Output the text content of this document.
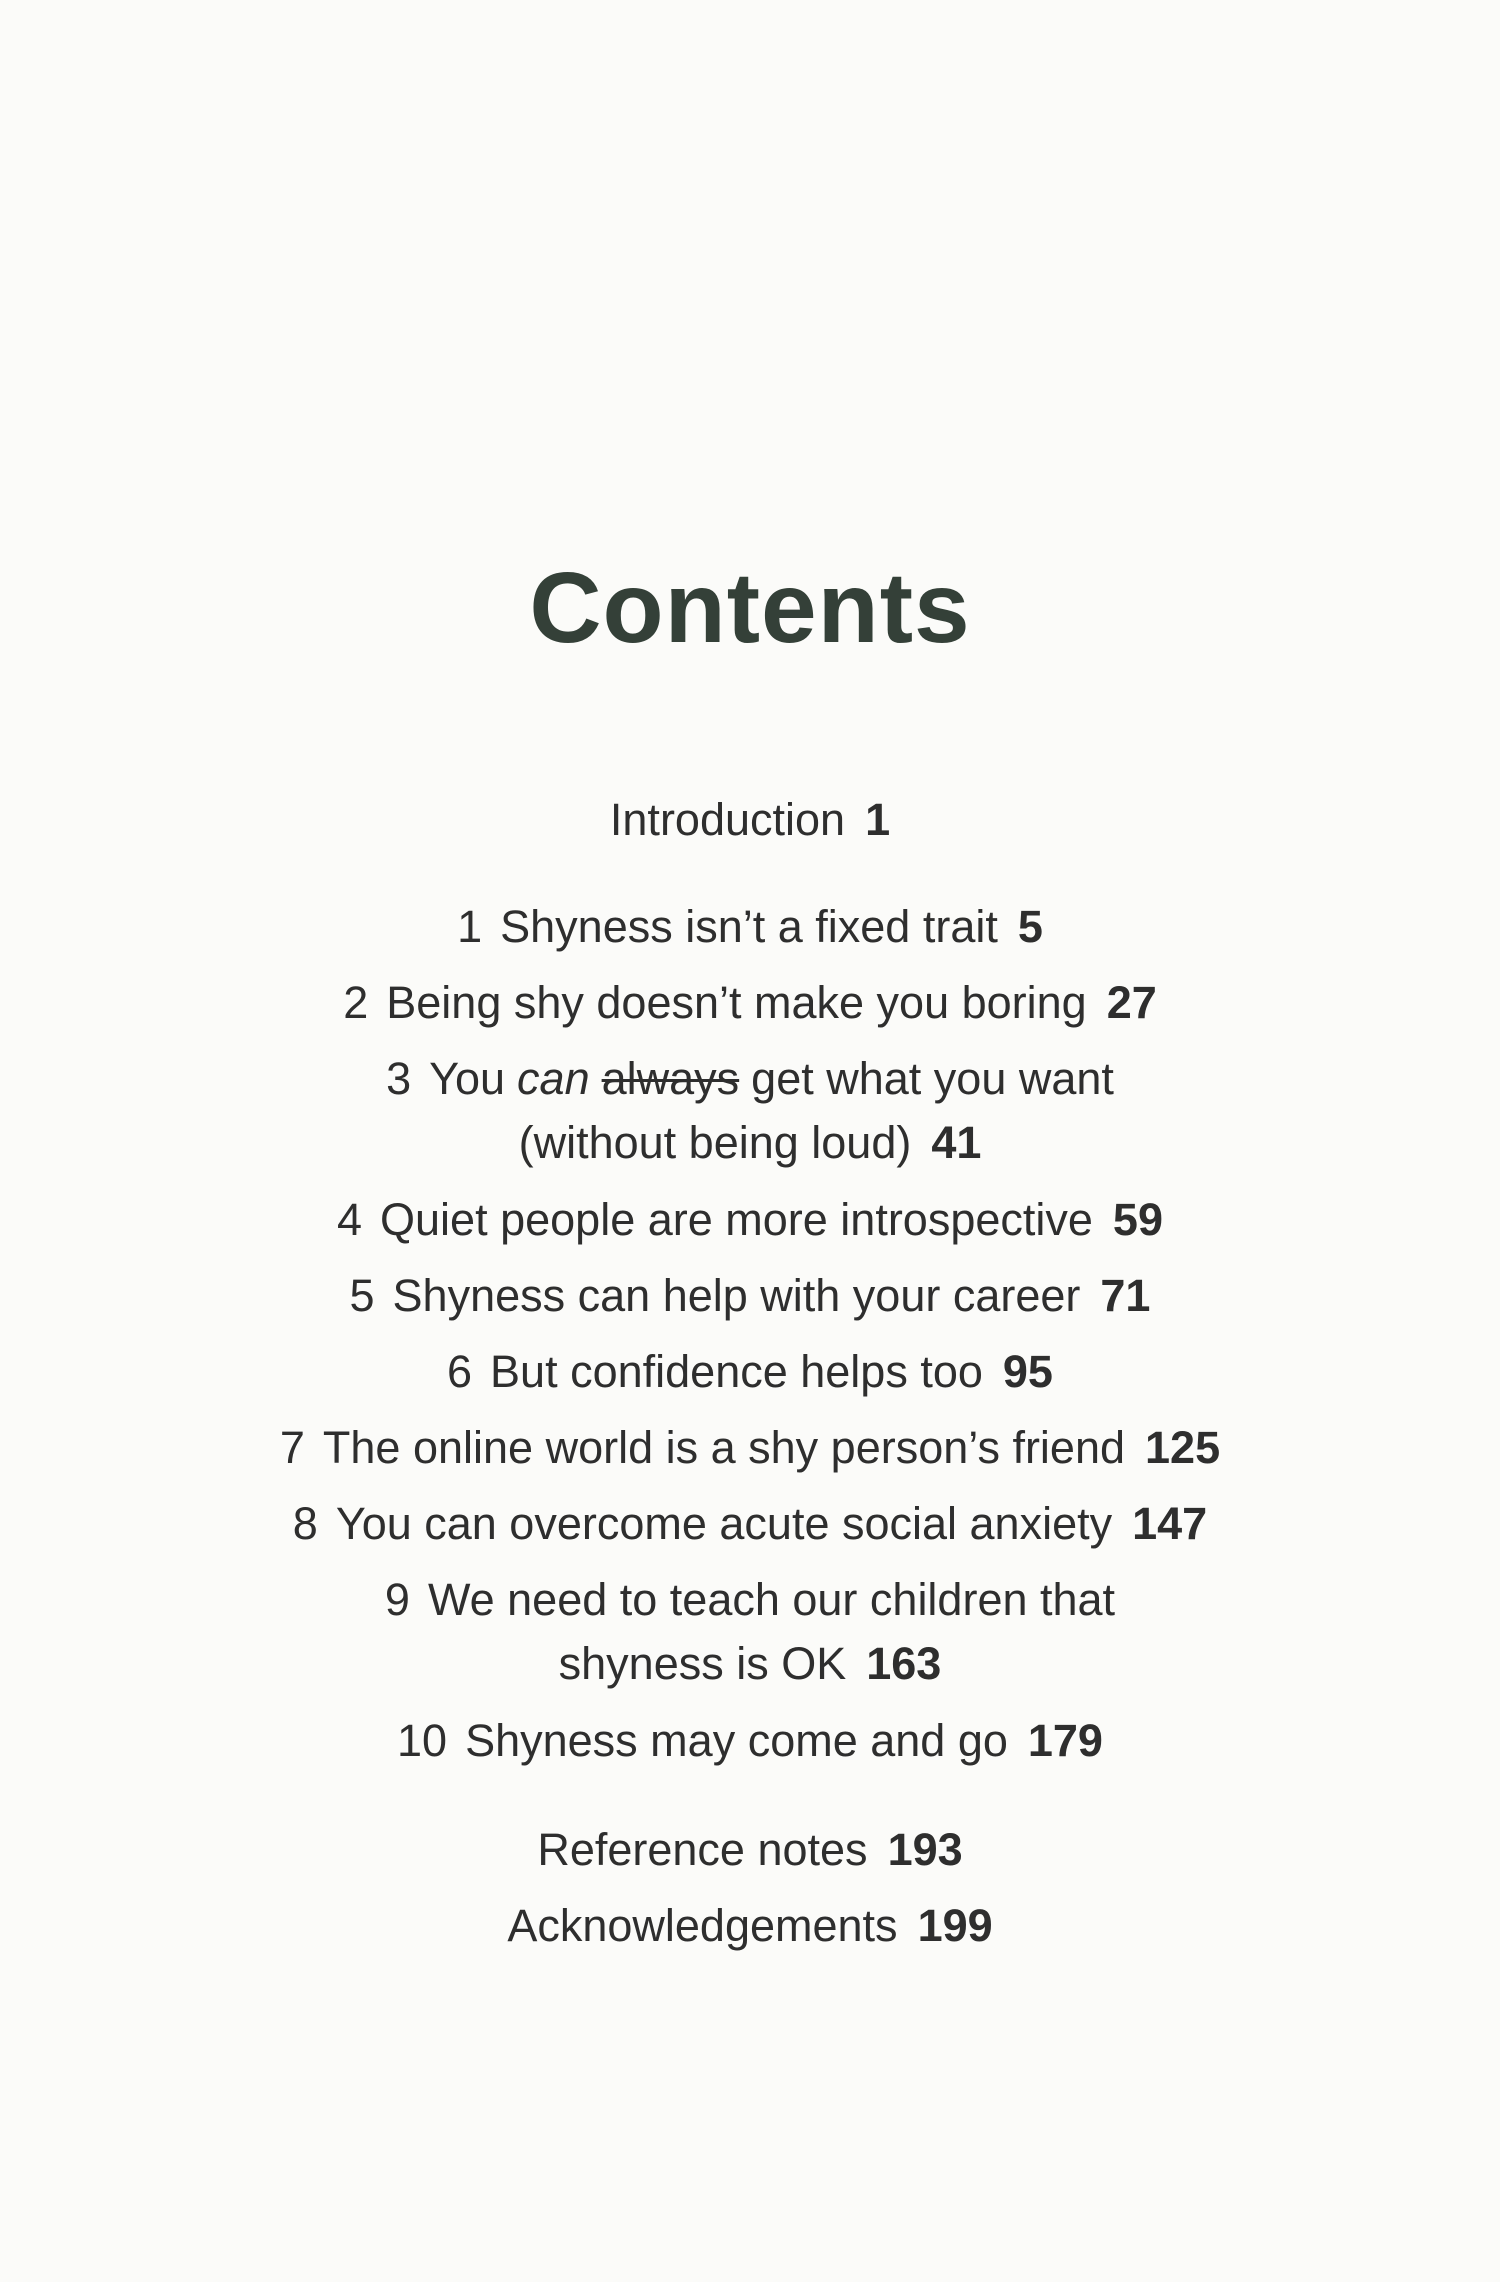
Contents
Introduction 1
1 Shyness isn’t a fixed trait 5
2 Being shy doesn’t make you boring 27
3 You can always get what you want
(without being loud) 41
4 Quiet people are more introspective 59
5 Shyness can help with your career 71
6 But confidence helps too 95
7 The online world is a shy person’s friend 125
8 You can overcome acute social anxiety 147
9 We need to teach our children that
shyness is OK 163
10 Shyness may come and go 179
Reference notes 193
Acknowledgements 199
